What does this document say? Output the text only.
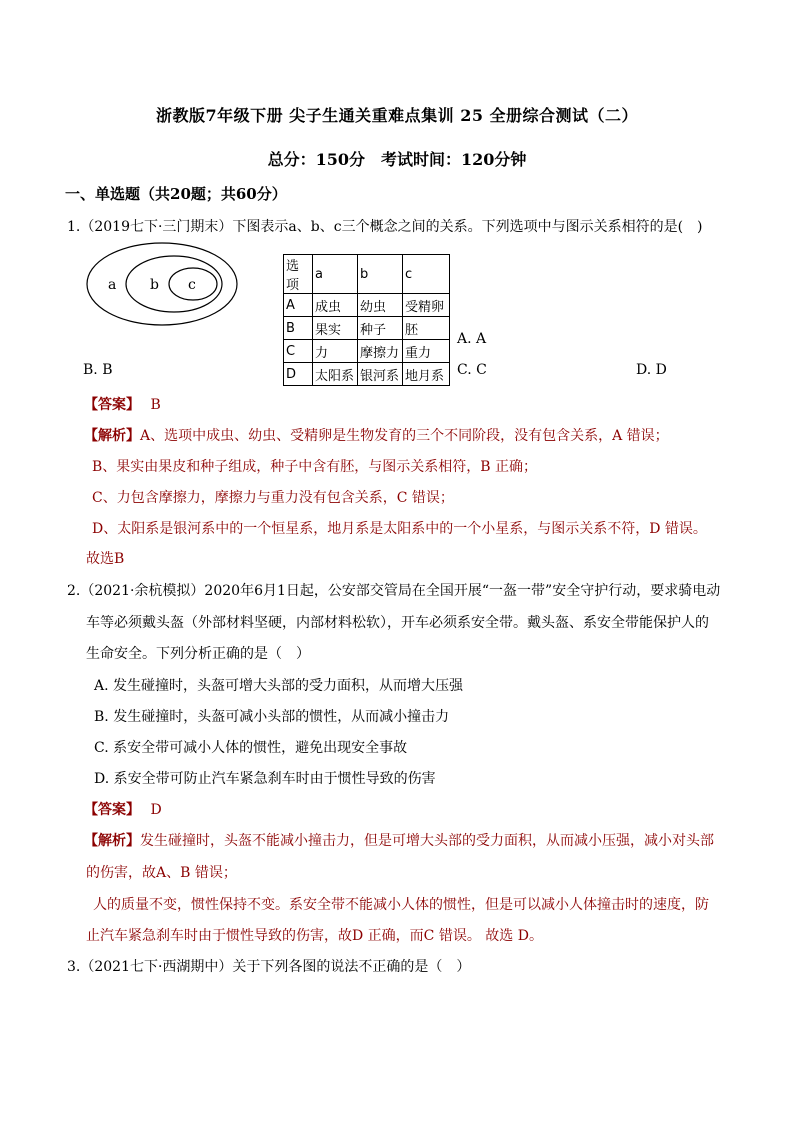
浙教版7年级下册 尖子生通关重难点集训 25 全册综合测试（二）
总分：150分　考试时间：120分钟
一、单选题（共20题；共60分）
1.（2019七下·三门期末）下图表示a、b、c三个概念之间的关系。下列选项中与图示关系相符的是(　)
a b c
选项	a	b	c
A	成虫	幼虫	受精卵
B	果实	种子	胚
C	力	摩擦力	重力
D	太阳系	银河系	地月系
A. A
B. B	C. C	D. D
【答案】 B
【解析】A、选项中成虫、幼虫、受精卵是生物发育的三个不同阶段，没有包含关系，A 错误；
B、果实由果皮和种子组成，种子中含有胚，与图示关系相符，B 正确；
C、力包含摩擦力，摩擦力与重力没有包含关系，C 错误；
D、太阳系是银河系中的一个恒星系，地月系是太阳系中的一个小星系，与图示关系不符，D 错误。
故选B
2.（2021·余杭模拟）2020年6月1日起，公安部交管局在全国开展“一盔一带”安全守护行动，要求骑电动
车等必须戴头盔（外部材料坚硬，内部材料松软），开车必须系安全带。戴头盔、系安全带能保护人的
生命安全。下列分析正确的是（　）
A. 发生碰撞时，头盔可增大头部的受力面积，从而增大压强
B. 发生碰撞时，头盔可减小头部的惯性，从而减小撞击力
C. 系安全带可减小人体的惯性，避免出现安全事故
D. 系安全带可防止汽车紧急刹车时由于惯性导致的伤害
【答案】 D
【解析】发生碰撞时，头盔不能减小撞击力，但是可增大头部的受力面积，从而减小压强，减小对头部
的伤害，故A、B 错误；
人的质量不变，惯性保持不变。系安全带不能减小人体的惯性，但是可以减小人体撞击时的速度，防
止汽车紧急刹车时由于惯性导致的伤害，故D 正确，而C 错误。 故选 D。
3.（2021七下·西湖期中）关于下列各图的说法不正确的是（　）
